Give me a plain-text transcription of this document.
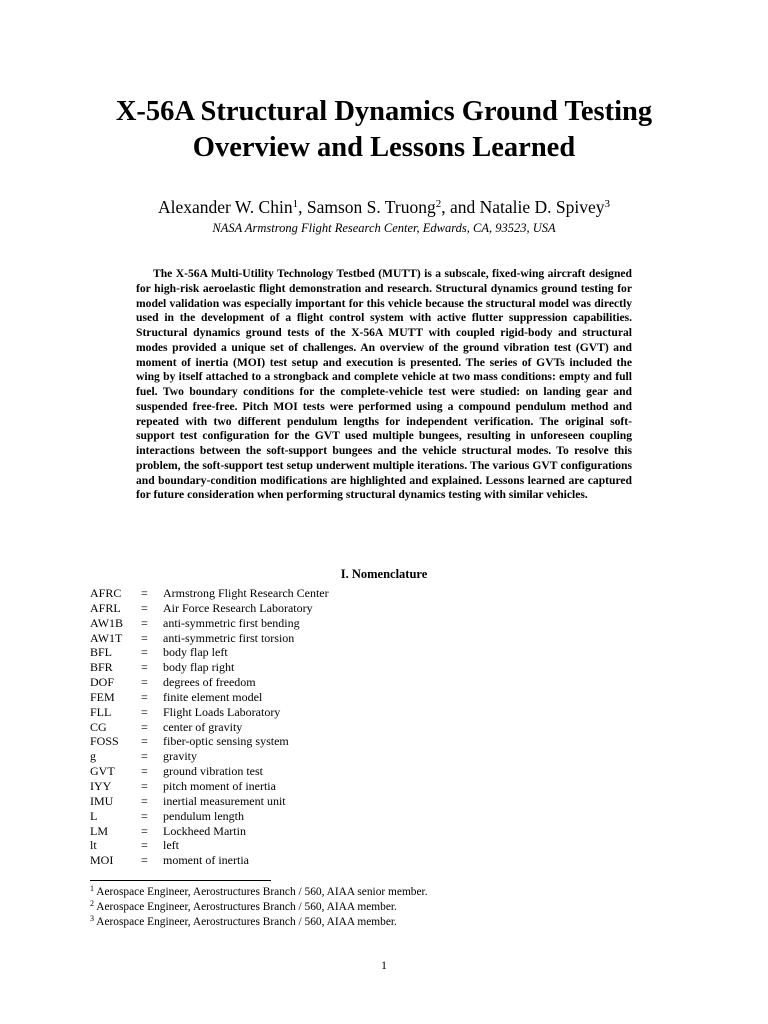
X-56A Structural Dynamics Ground Testing
Overview and Lessons Learned
Alexander W. Chin$^1$, Samson S. Truong$^2$, and Natalie D. Spivey$^3$
NASA Armstrong Flight Research Center, Edwards, CA, 93523, USA

The X-56A Multi-Utility Technology Testbed (MUTT) is a subscale, fixed-wing aircraft designed for high-risk aeroelastic flight demonstration and research. Structural dynamics ground testing for model validation was especially important for this vehicle because the structural model was directly used in the development of a flight control system with active flutter suppression capabilities. Structural dynamics ground tests of the X-56A MUTT with coupled rigid-body and structural modes provided a unique set of challenges. An overview of the ground vibration test (GVT) and moment of inertia (MOI) test setup and execution is presented. The series of GVTs included the wing by itself attached to a strongback and complete vehicle at two mass conditions: empty and full fuel. Two boundary conditions for the complete-vehicle test were studied: on landing gear and suspended free-free. Pitch MOI tests were performed using a compound pendulum method and repeated with two different pendulum lengths for independent verification. The original soft-support test configuration for the GVT used multiple bungees, resulting in unforeseen coupling interactions between the soft-support bungees and the vehicle structural modes. To resolve this problem, the soft-support test setup underwent multiple iterations. The various GVT configurations and boundary-condition modifications are highlighted and explained. Lessons learned are captured for future consideration when performing structural dynamics testing with similar vehicles.

I. Nomenclature
AFRC	=	Armstrong Flight Research Center
AFRL	=	Air Force Research Laboratory
AW1B	=	anti-symmetric first bending
AW1T	=	anti-symmetric first torsion
BFL	=	body flap left
BFR	=	body flap right
DOF	=	degrees of freedom
FEM	=	finite element model
FLL	=	Flight Loads Laboratory
CG	=	center of gravity
FOSS	=	fiber-optic sensing system
g	=	gravity
GVT	=	ground vibration test
IYY	=	pitch moment of inertia
IMU	=	inertial measurement unit
L	=	pendulum length
LM	=	Lockheed Martin
lt	=	left
MOI	=	moment of inertia
$^1$ Aerospace Engineer, Aerostructures Branch / 560, AIAA senior member.
$^2$ Aerospace Engineer, Aerostructures Branch / 560, AIAA member.
$^3$ Aerospace Engineer, Aerostructures Branch / 560, AIAA member.
1
